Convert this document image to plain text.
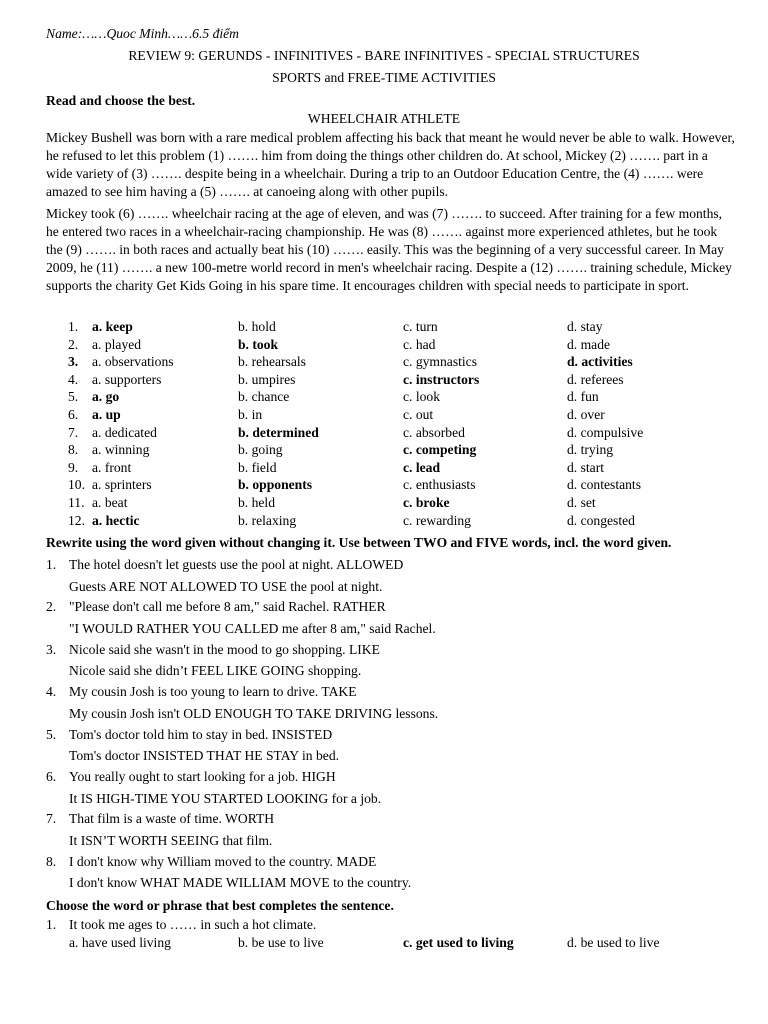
Name:……Quoc Minh……6.5 điểm
REVIEW 9: GERUNDS - INFINITIVES - BARE INFINITIVES - SPECIAL STRUCTURES
SPORTS and FREE-TIME ACTIVITIES
Read and choose the best.
WHEELCHAIR ATHLETE
Mickey Bushell was born with a rare medical problem affecting his back that meant he would never be able to walk. However, he refused to let this problem (1) ……. him from doing the things other children do. At school, Mickey (2) ……. part in a wide variety of (3) ……. despite being in a wheelchair. During a trip to an Outdoor Education Centre, the (4) ……. were amazed to see him having a (5) ……. at canoeing along with other pupils.
Mickey took (6) ……. wheelchair racing at the age of eleven, and was (7) ……. to succeed. After training for a few months, he entered two races in a wheelchair-racing championship. He was (8) ……. against more experienced athletes, but he took the (9) ……. in both races and actually beat his (10) ……. easily. This was the beginning of a very successful career. In May 2009, he (11) ……. a new 100-metre world record in men's wheelchair racing. Despite a (12) ……. training schedule, Mickey supports the charity Get Kids Going in his spare time. It encourages children with special needs to participate in sport.
1. a. keep	b. hold	c. turn	d. stay
2. a. played	b. took	c. had	d. made
3. a. observations	b. rehearsals	c. gymnastics	d. activities
4. a. supporters	b. umpires	c. instructors	d. referees
5. a. go	b. chance	c. look	d. fun
6. a. up	b. in	c. out	d. over
7. a. dedicated	b. determined	c. absorbed	d. compulsive
8. a. winning	b. going	c. competing	d. trying
9. a. front	b. field	c. lead	d. start
10. a. sprinters	b. opponents	c. enthusiasts	d. contestants
11. a. beat	b. held	c. broke	d. set
12. a. hectic	b. relaxing	c. rewarding	d. congested
Rewrite using the word given without changing it. Use between TWO and FIVE words, incl. the word given.
1. The hotel doesn't let guests use the pool at night. ALLOWED
Guests ARE NOT ALLOWED TO USE the pool at night.
2. "Please don't call me before 8 am," said Rachel. RATHER
"I WOULD RATHER YOU CALLED me after 8 am," said Rachel.
3. Nicole said she wasn't in the mood to go shopping. LIKE
Nicole said she didn’t FEEL LIKE GOING shopping.
4. My cousin Josh is too young to learn to drive. TAKE
My cousin Josh isn't OLD ENOUGH TO TAKE DRIVING lessons.
5. Tom's doctor told him to stay in bed. INSISTED
Tom's doctor INSISTED THAT HE STAY in bed.
6. You really ought to start looking for a job. HIGH
It IS HIGH-TIME YOU STARTED LOOKING for a job.
7. That film is a waste of time. WORTH
It ISN’T WORTH SEEING that film.
8. I don't know why William moved to the country. MADE
I don't know WHAT MADE WILLIAM MOVE to the country.
Choose the word or phrase that best completes the sentence.
1. It took me ages to …… in such a hot climate.
a. have used living	b. be use to live	c. get used to living	d. be used to live
